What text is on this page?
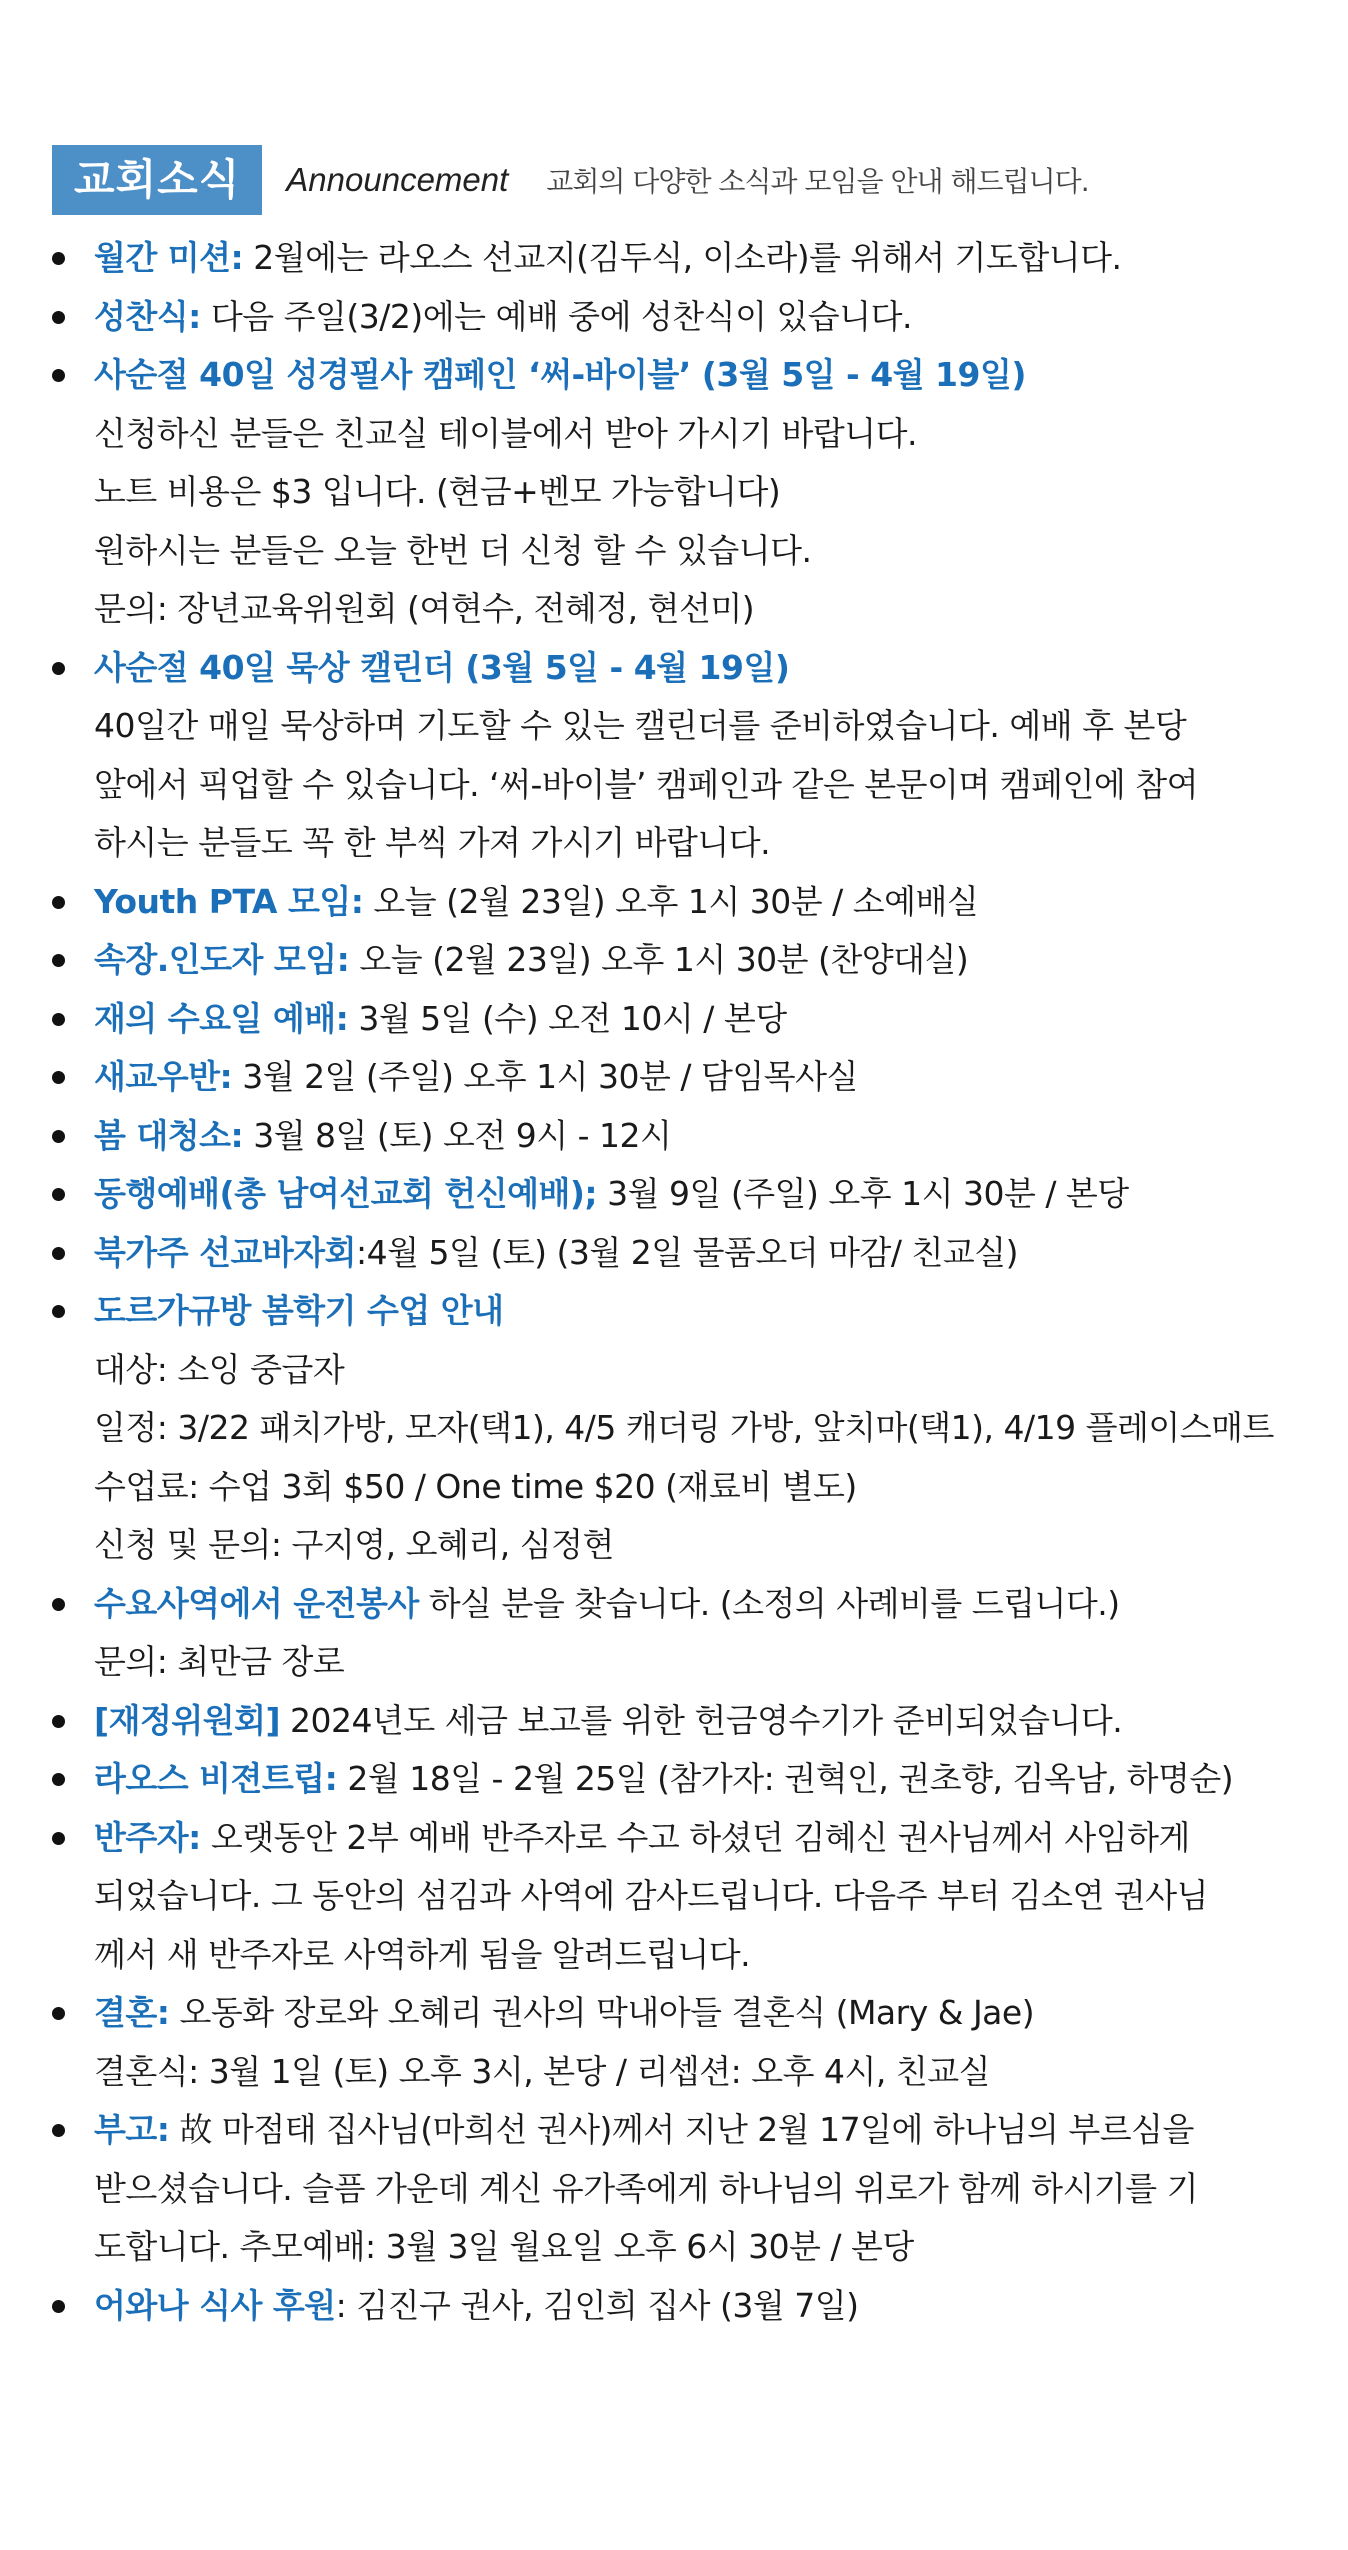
교회소식	Announcement 교회의 다양한 소식과 모임을 안내 해드립니다.
월간 미션: 2월에는 라오스 선교지(김두식, 이소라)를 위해서 기도합니다.
성찬식: 다음 주일(3/2)에는 예배 중에 성찬식이 있습니다.
사순절 40일 성경필사 캠페인 ‘써-바이블’ (3월 5일 - 4월 19일)
신청하신 분들은 친교실 테이블에서 받아 가시기 바랍니다.
노트 비용은 $3 입니다. (현금+벤모 가능합니다)
원하시는 분들은 오늘 한번 더 신청 할 수 있습니다.
문의: 장년교육위원회 (여현수, 전혜정, 현선미)
사순절 40일 묵상 캘린더 (3월 5일 - 4월 19일)
40일간 매일 묵상하며 기도할 수 있는 캘린더를 준비하였습니다. 예배 후 본당
앞에서 픽업할 수 있습니다. ‘써-바이블’ 캠페인과 같은 본문이며 캠페인에 참여
하시는 분들도 꼭 한 부씩 가져 가시기 바랍니다.
Youth PTA 모임: 오늘 (2월 23일) 오후 1시 30분 / 소예배실
속장.인도자 모임: 오늘 (2월 23일) 오후 1시 30분 (찬양대실)
재의 수요일 예배: 3월 5일 (수) 오전 10시 / 본당
새교우반: 3월 2일 (주일) 오후 1시 30분 / 담임목사실
봄 대청소: 3월 8일 (토) 오전 9시 - 12시
동행예배(총 남여선교회 헌신예배); 3월 9일 (주일) 오후 1시 30분 / 본당
북가주 선교바자회:4월 5일 (토) (3월 2일 물품오더 마감/ 친교실)
도르가규방 봄학기 수업 안내
대상: 소잉 중급자
일정: 3/22 패치가방, 모자(택1), 4/5 캐더링 가방, 앞치마(택1), 4/19 플레이스매트
수업료: 수업 3회 $50 / One time $20 (재료비 별도)
신청 및 문의: 구지영, 오혜리, 심정현
수요사역에서 운전봉사 하실 분을 찾습니다. (소정의 사례비를 드립니다.)
문의: 최만금 장로
[재정위원회] 2024년도 세금 보고를 위한 헌금영수기가 준비되었습니다.
라오스 비젼트립: 2월 18일 - 2월 25일 (참가자: 권혁인, 권초향, 김옥남, 하명순)
반주자: 오랫동안 2부 예배 반주자로 수고 하셨던 김혜신 권사님께서 사임하게
되었습니다. 그 동안의 섬김과 사역에 감사드립니다. 다음주 부터 김소연 권사님
께서 새 반주자로 사역하게 됨을 알려드립니다.
결혼: 오동화 장로와 오혜리 권사의 막내아들 결혼식 (Mary & Jae)
결혼식: 3월 1일 (토) 오후 3시, 본당 / 리셉션: 오후 4시, 친교실
부고: 故 마점태 집사님(마희선 권사)께서 지난 2월 17일에 하나님의 부르심을
받으셨습니다. 슬픔 가운데 계신 유가족에게 하나님의 위로가 함께 하시기를 기
도합니다. 추모예배: 3월 3일 월요일 오후 6시 30분 / 본당
어와나 식사 후원: 김진구 권사, 김인희 집사 (3월 7일)
